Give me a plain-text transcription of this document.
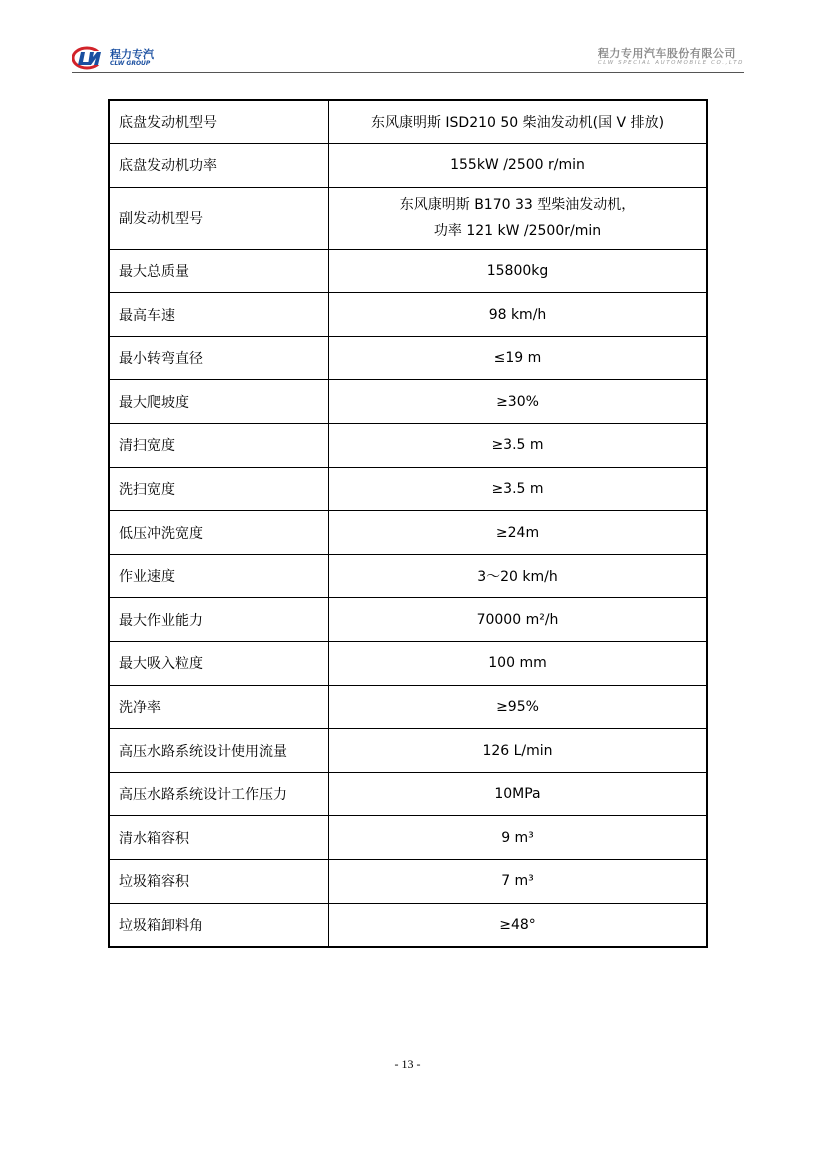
程力专汽
CLW GROUP
程力专用汽车股份有限公司
CLW SPECIAL AUTOMOBILE CO.,LTD
底盘发动机型号	东风康明斯 ISD210 50 柴油发动机(国 V 排放)
底盘发动机功率	155kW /2500 r/min
副发动机型号	东风康明斯 B170 33 型柴油发动机，
功率 121 kW /2500r/min

最大总质量	15800kg
最高车速	98 km/h
最小转弯直径	≤19 m
最大爬坡度	≥30%
清扫宽度	≥3.5 m
洗扫宽度	≥3.5 m
低压冲洗宽度	≥24m
作业速度	3～20 km/h
最大作业能力	70000 m²/h
最大吸入粒度	100 mm
洗净率	≥95%
高压水路系统设计使用流量	126 L/min
高压水路系统设计工作压力	10MPa
清水箱容积	9 m³
垃圾箱容积	7 m³
垃圾箱卸料角	≥48°
- 13 -
